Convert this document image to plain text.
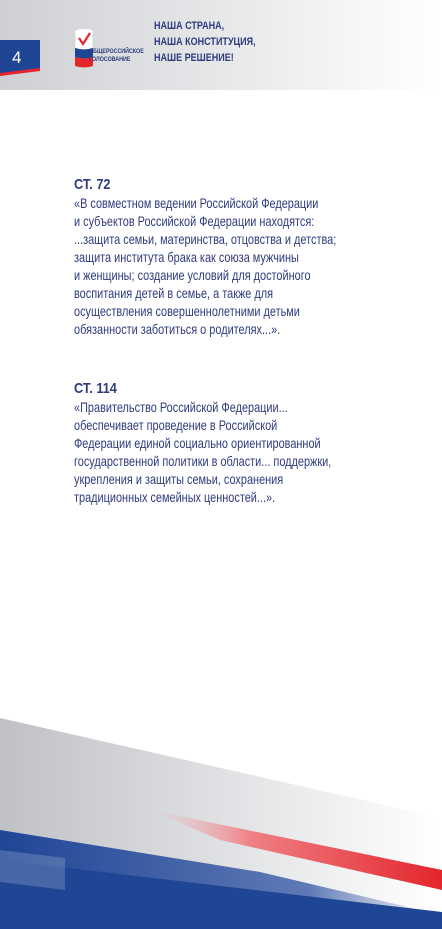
4	ОБЩЕРОССИЙСКОЕ
ГОЛОСОВАНИЕ
НАША СТРАНА,
НАША КОНСТИТУЦИЯ,
НАШЕ РЕШЕНИЕ!
СТ. 72
«В совместном ведении Российской Федерации
и субъектов Российской Федерации находятся:
...защита семьи, материнства, отцовства и детства;
защита института брака как союза мужчины
и женщины; создание условий для достойного
воспитания детей в семье, а также для
осуществления совершеннолетними детьми
обязанности заботиться о родителях...».
СТ. 114
«Правительство Российской Федерации...
обеспечивает проведение в Российской
Федерации единой социально ориентированной
государственной политики в области... поддержки,
укрепления и защиты семьи, сохранения
традиционных семейных ценностей...».
